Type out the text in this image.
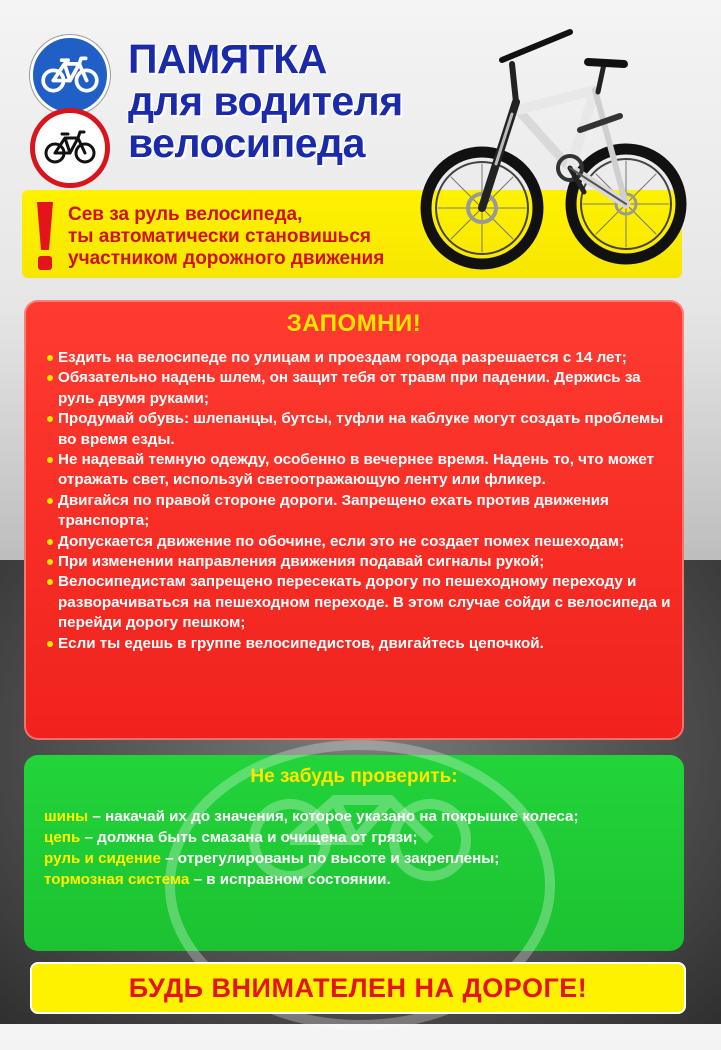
ПАМЯТКА
для водителя
велосипеда
Сев за руль велосипеда,
ты автоматически становишься
участником дорожного движения
ЗАПОМНИ!
Ездить на велосипеде по улицам и проездам города разрешается с 14 лет;
Обязательно надень шлем, он защит тебя от травм при падении. Держись за руль двумя руками;
Продумай обувь: шлепанцы, бутсы, туфли на каблуке могут создать проблемы во время езды.
Не надевай темную одежду, особенно в вечернее время. Надень то, что может отражать свет, используй светоотражающую ленту или фликер.
Двигайся по правой стороне дороги. Запрещено ехать против движения транспорта;
Допускается движение по обочине, если это не создает помех пешеходам;
При изменении направления движения подавай сигналы рукой;
Велосипедистам запрещено пересекать дорогу по пешеходному переходу и разворачиваться на пешеходном переходе. В этом случае сойди с велосипеда и перейди дорогу пешком;
Если ты едешь в группе велосипедистов, двигайтесь цепочкой.
Не забудь проверить:
шины – накачай их до значения, которое указано на покрышке колеса;
цепь – должна быть смазана и очищена от грязи;
руль и сидение – отрегулированы по высоте и закреплены;
тормозная система – в исправном состоянии.
БУДЬ ВНИМАТЕЛЕН НА ДОРОГЕ!
